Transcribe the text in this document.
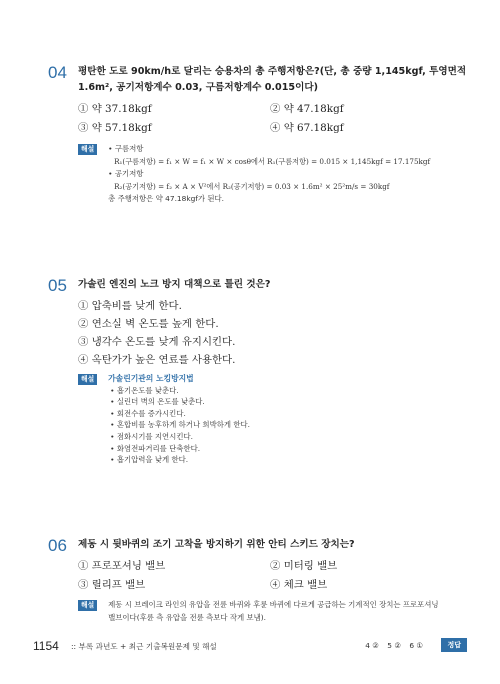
04	평탄한 도로 90km/h로 달리는 승용차의 총 주행저항은?(단, 총 중량 1,145kgf, 투영면적 1.6m², 공기저항계수 0.03, 구름저항계수 0.015이다)
① 약 37.18kgf	② 약 47.18kgf
③ 약 57.18kgf	④ 약 67.18kgf
해설	• 구름저항
R₁(구름저항) = f₁ × W = f₁ × W × cosθ에서 R₁(구름저항) = 0.015 × 1,145kgf = 17.175kgf
• 공기저항
R₂(공기저항) = f₂ × A × V²에서 R₂(공기저항) = 0.03 × 1.6m² × 25²m/s = 30kgf
총 주행저항은 약 47.18kgf가 된다.
05	가솔린 엔진의 노크 방지 대책으로 틀린 것은?
① 압축비를 낮게 한다.
② 연소실 벽 온도를 높게 한다.
③ 냉각수 온도를 낮게 유지시킨다.
④ 옥탄가가 높은 연료를 사용한다.
해설	가솔린기관의 노킹방지법
• 흡기온도를 낮춘다.
• 실린더 벽의 온도를 낮춘다.
• 회전수를 증가시킨다.
• 혼합비를 농후하게 하거나 희박하게 한다.
• 점화시기를 지연시킨다.
• 화염전파거리를 단축한다.
• 흡기압력을 낮게 한다.
06	제동 시 뒷바퀴의 조기 고착을 방지하기 위한 안티 스키드 장치는?
① 프로포셔닝 밸브	② 미터링 밸브
③ 릴리프 밸브	④ 체크 밸브
해설	제동 시 브레이크 라인의 유압을 전륜 바퀴와 후륜 바퀴에 다르게 공급하는 기계적인 장치는 프로포셔닝
밸브이다(후륜 측 유압을 전륜 측보다 작게 보냄).
1154 :: 부록 과년도 + 최근 기출복원문제 및 해설	4 ② 5 ② 6 ①	정답
